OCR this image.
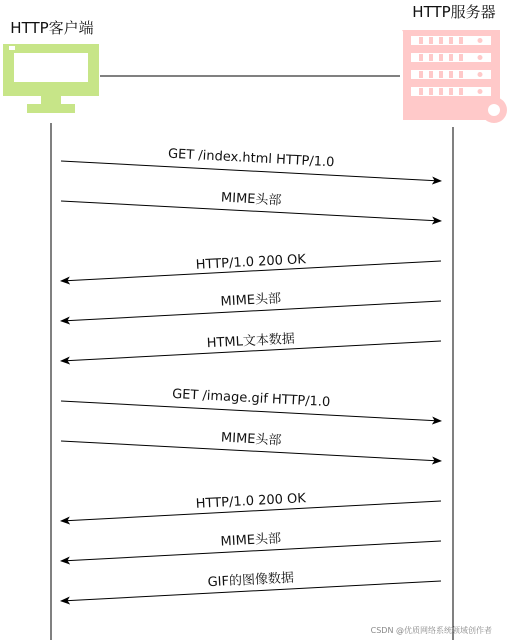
HTTP客户端
HTTP服务器
GET /index.html HTTP/1.0
MIME头部
HTTP/1.0 200 OK
MIME头部
HTML文本数据
GET /image.gif HTTP/1.0
MIME头部
HTTP/1.0 200 OK
MIME头部
GIF的图像数据
CSDN @优质网络系统领域创作者
